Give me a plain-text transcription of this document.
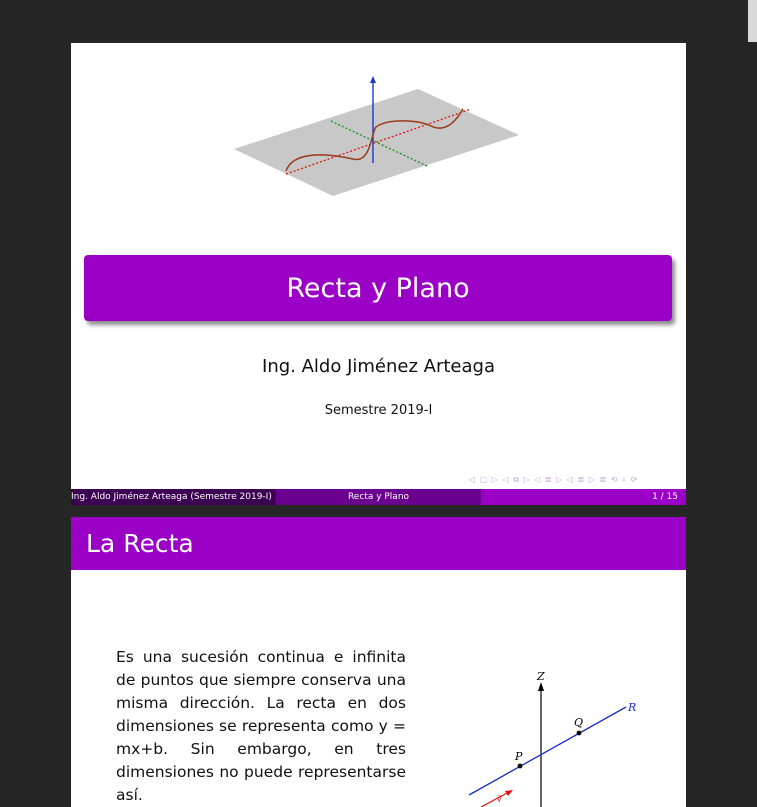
Recta y Plano
Ing. Aldo Jiménez Arteaga
Semestre 2019-I
◁ ▢ ▷ ◁ ⧉ ▷ ◁ ≣ ▷ ◁ ≣ ▷ ≣ ⟲ ⌕ ⟳
Ing. Aldo Jiménez Arteaga (Semestre 2019-I)	Recta y Plano	1 / 15
La Recta
Es una sucesión continua e infinita de puntos que siempre conserva una misma dirección. La recta en dos dimensiones se representa como y = mx+b. Sin embargo, en tres dimensiones no puede representarse así.
Z
P
Q
R
v̄
